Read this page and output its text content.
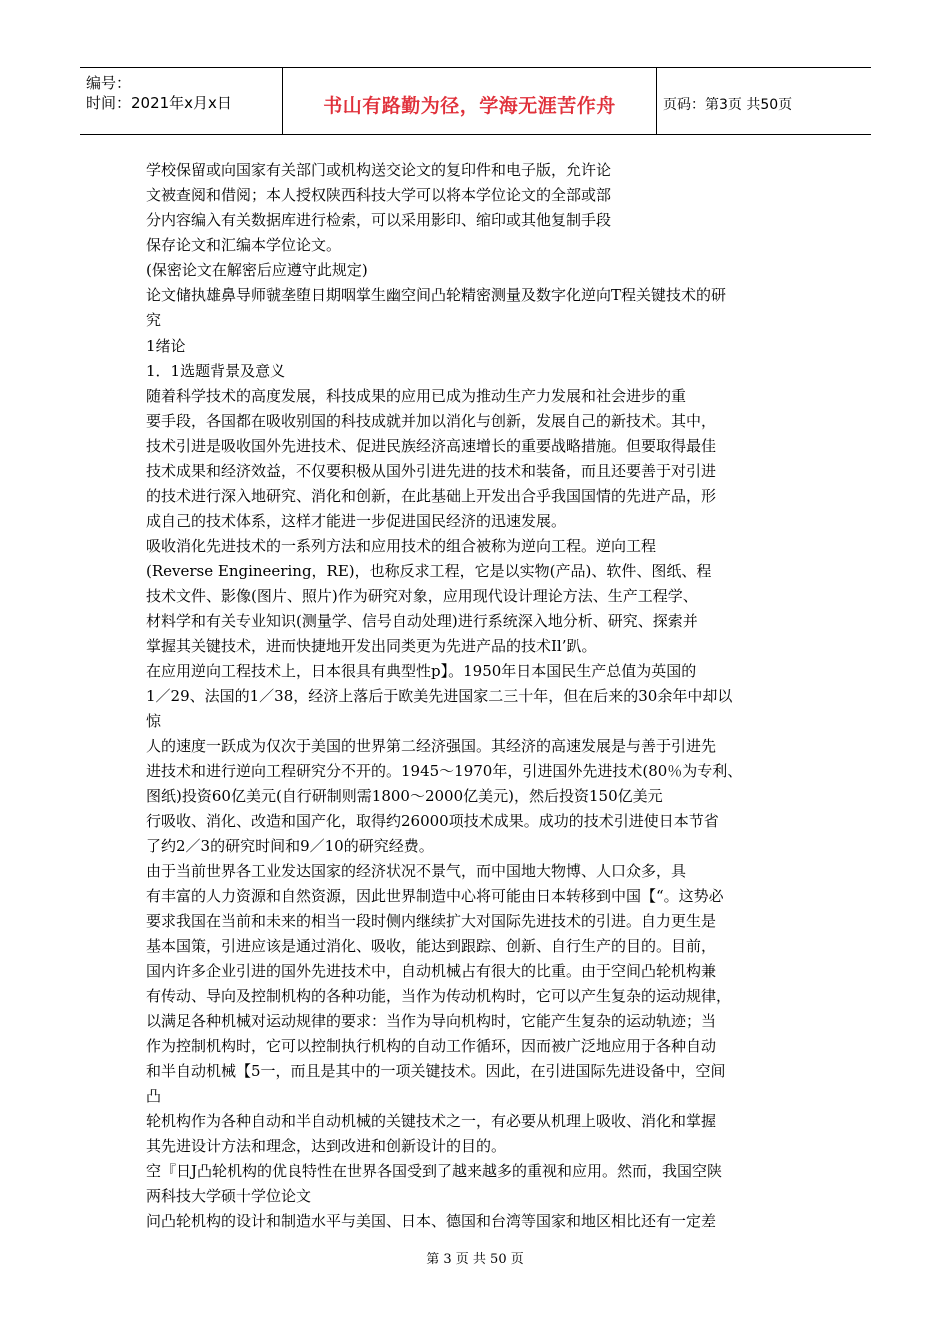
编号：
时间：2021年x月x日	书山有路勤为径，学海无涯苦作舟	页码：第3页 共50页
学校保留或向国家有关部门或机构送交论文的复印件和电子版，允许论
文被查阅和借阅；本人授权陕西科技大学可以将本学位论文的全部或部
分内容编入有关数据库进行检索，可以采用影印、缩印或其他复制手段
保存论文和汇编本学位论文。
(保密论文在解密后应遵守此规定)
论文储执雄鼻导师虢垄堕日期咽掌生幽空间凸轮精密测量及数字化逆向T程关键技术的研
究
1绪论
1．1选题背景及意义
随着科学技术的高度发展，科技成果的应用已成为推动生产力发展和社会进步的重
要手段，各国都在吸收别国的科技成就并加以消化与创新，发展自己的新技术。其中，
技术引进是吸收国外先进技术、促进民族经济高速增长的重要战略措施。但要取得最佳
技术成果和经济效益，不仅要积极从国外引进先进的技术和装备，而且还要善于对引进
的技术进行深入地研究、消化和创新，在此基础上开发出合乎我国国情的先进产品，形
成自己的技术体系，这样才能进一步促进国民经济的迅速发展。
吸收消化先进技术的一系列方法和应用技术的组合被称为逆向工程。逆向工程
(Reverse Engineering，RE)，也称反求工程，它是以实物(产品)、软件、图纸、程
技术文件、影像(图片、照片)作为研究对象，应用现代设计理论方法、生产工程学、
材料学和有关专业知识(测量学、信号自动处理)进行系统深入地分析、研究、探索并
掌握其关键技术，进而快捷地开发出同类更为先进产品的技术Il’趴。
在应用逆向工程技术上，日本很具有典型性p】。1950年日本国民生产总值为英国的
1／29、法国的1／38，经济上落后于欧美先进国家二三十年，但在后来的30余年中却以
惊
人的速度一跃成为仅次于美国的世界第二经济强国。其经济的高速发展是与善于引进先
进技术和进行逆向工程研究分不开的。1945～1970年，引进国外先进技术(80％为专利、
图纸)投资60亿美元(自行研制则需1800～2000亿美元)，然后投资150亿美元
行吸收、消化、改造和国产化，取得约26000项技术成果。成功的技术引进使日本节省
了约2／3的研究时间和9／10的研究经费。
由于当前世界各工业发达国家的经济状况不景气，而中国地大物博、人口众多，具
有丰富的人力资源和自然资源，因此世界制造中心将可能由日本转移到中国【“。这势必
要求我国在当前和未来的相当一段时侧内继续扩大对国际先进技术的引进。自力更生是
基本国策，引进应该是通过消化、吸收，能达到跟踪、创新、自行生产的目的。目前，
国内许多企业引进的国外先进技术中，自动机械占有很大的比重。由于空间凸轮机构兼
有传动、导向及控制机构的各种功能，当作为传动机构时，它可以产生复杂的运动规律，
以满足各种机械对运动规律的要求：当作为导向机构时，它能产生复杂的运动轨迹；当
作为控制机构时，它可以控制执行机构的自动工作循环，因而被广泛地应用于各种自动
和半自动机械【5一，而且是其中的一项关键技术。因此，在引进国际先进设备中，空间
凸
轮机构作为各种自动和半自动机械的关键技术之一，有必要从机理上吸收、消化和掌握
其先进设计方法和理念，达到改进和创新设计的目的。
空『日J凸轮机构的优良特性在世界各国受到了越来越多的重视和应用。然而，我国空陕
两科技大学硕十学位论文
问凸轮机构的设计和制造水平与美国、日本、德国和台湾等国家和地区相比还有一定差
第 3 页 共 50 页
